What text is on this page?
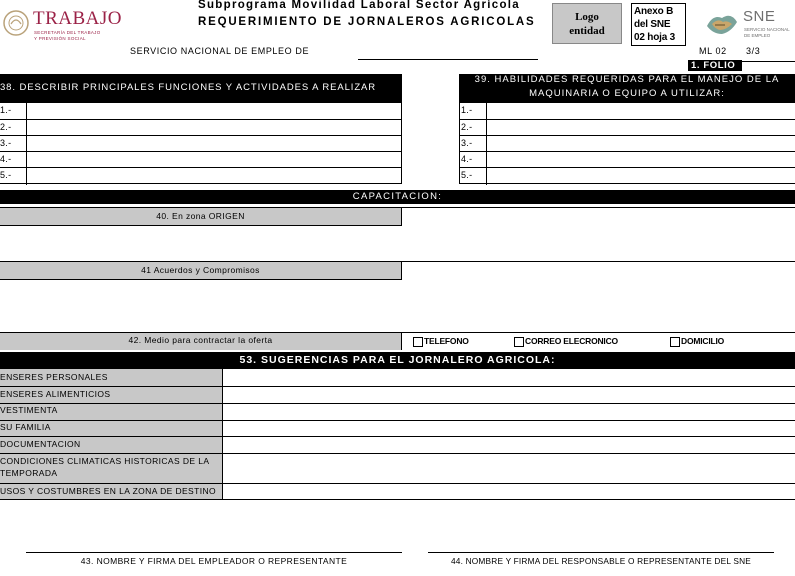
TRABAJO
SECRETARÍA DEL TRABAJO
Y PREVISIÓN SOCIAL
Subprograma Movilidad Laboral Sector Agrícola
REQUERIMIENTO DE JORNALEROS AGRICOLAS	Logo entidad
Anexo B
del SNE
02 hoja 3
SNE
SERVICIO NACIONAL
DE EMPLEO
SERVICIO NACIONAL DE EMPLEO DE	ML 02 3/3
1. FOLIO
38. DESCRIBIR PRINCIPALES FUNCIONES Y ACTIVIDADES A REALIZAR
1.-
2.-
3.-
4.-
5.-
39. HABILIDADES REQUERIDAS PARA EL MANEJO DE LA
MAQUINARIA O EQUIPO A UTILIZAR:
1.-
2.-
3.-
4.-
5.-
CAPACITACION:
40. En zona ORIGEN
41 Acuerdos y Compromisos
42. Medio para contractar la oferta	TELEFONO	CORREO ELECRONICO	DOMICILIO
53. SUGERENCIAS PARA EL JORNALERO AGRICOLA:
ENSERES PERSONALES
ENSERES ALIMENTICIOS
VESTIMENTA
SU FAMILIA
DOCUMENTACION
CONDICIONES CLIMATICAS HISTORICAS DE LA
TEMPORADA
USOS Y COSTUMBRES EN LA ZONA DE DESTINO
43. NOMBRE Y FIRMA DEL EMPLEADOR O REPRESENTANTE	44. NOMBRE Y FIRMA DEL RESPONSABLE O REPRESENTANTE DEL SNE
